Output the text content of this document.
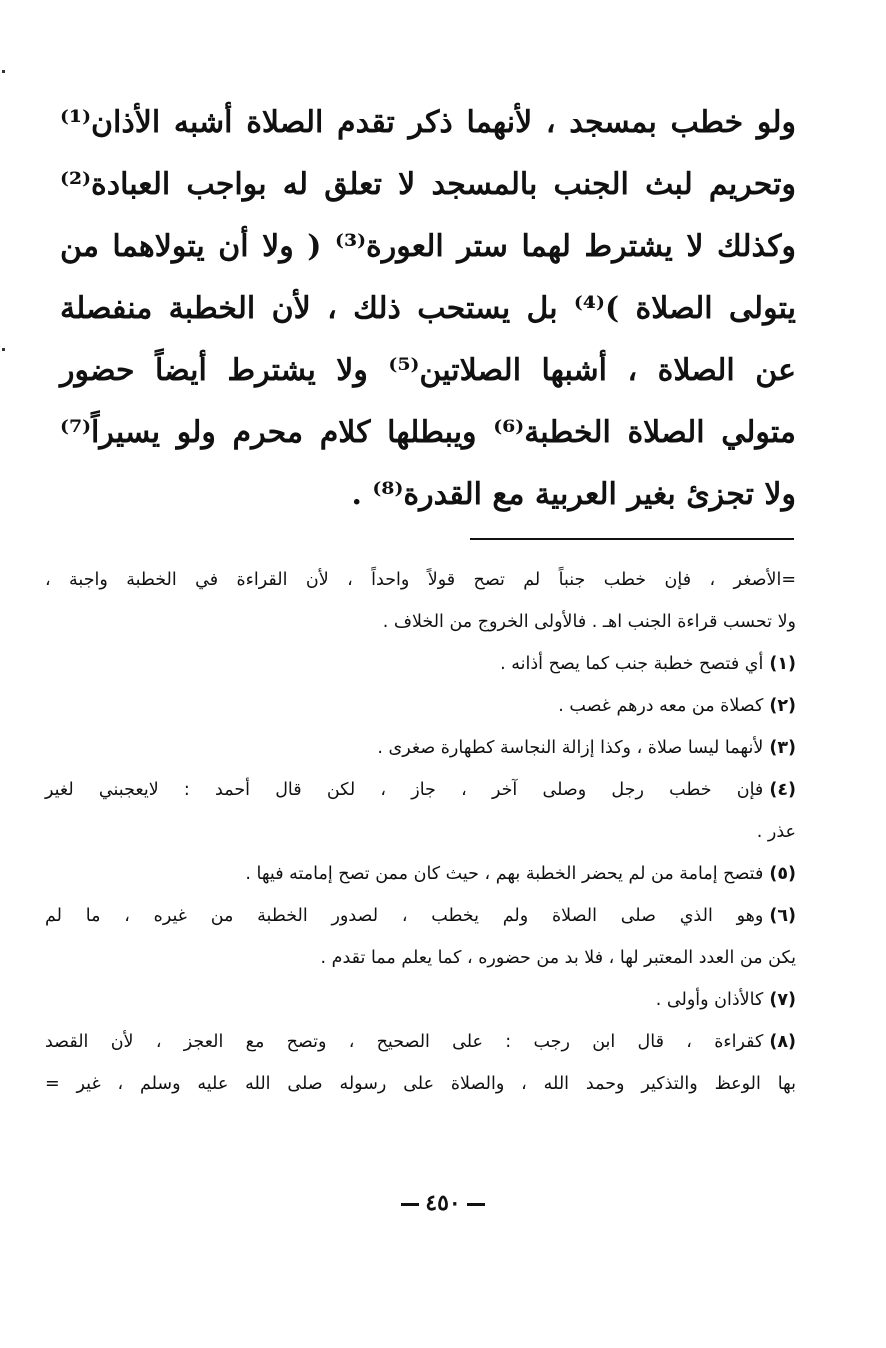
ولو خطب بمسجد ، لأنهما ذكر تقدم الصلاة أشبه الأذان⁽¹⁾
وتحريم لبث الجنب بالمسجد لا تعلق له بواجب العبادة⁽²⁾
وكذلك لا يشترط لهما ستر العورة⁽³⁾ ( ولا أن يتولاهما من
يتولى الصلاة )⁽⁴⁾ بل يستحب ذلك ، لأن الخطبة منفصلة
عن الصلاة ، أشبها الصلاتين⁽⁵⁾ ولا يشترط أيضاً حضور
متولي الصلاة الخطبة⁽⁶⁾ ويبطلها كلام محرم ولو يسيراً⁽⁷⁾
ولا تجزئ بغير العربية مع القدرة⁽⁸⁾ .
=الأصغر ، فإن خطب جنباً لم تصح قولاً واحداً ، لأن القراءة في الخطبة واجبة ،
ولا تحسب قراءة الجنب اهـ . فالأولى الخروج من الخلاف .
(١)أي فتصح خطبة جنب كما يصح أذانه .
(٢)كصلاة من معه درهم غصب .
(٣)لأنهما ليسا صلاة ، وكذا إزالة النجاسة كطهارة صغرى .
(٤)فإن خطب رجل وصلى آخر ، جاز ، لكن قال أحمد : لايعجبني لغير
عذر .
(٥)فتصح إمامة من لم يحضر الخطبة بهم ، حيث كان ممن تصح إمامته فيها .
(٦)وهو الذي صلى الصلاة ولم يخطب ، لصدور الخطبة من غيره ، ما لم
يكن من العدد المعتبر لها ، فلا بد من حضوره ، كما يعلم مما تقدم .
(٧)كالأذان وأولى .
(٨)كقراءة ، قال ابن رجب : على الصحيح ، وتصح مع العجز ، لأن القصد
بها الوعظ والتذكير وحمد الله ، والصلاة على رسوله صلى الله عليه وسلم ، غير =
٤٥٠
